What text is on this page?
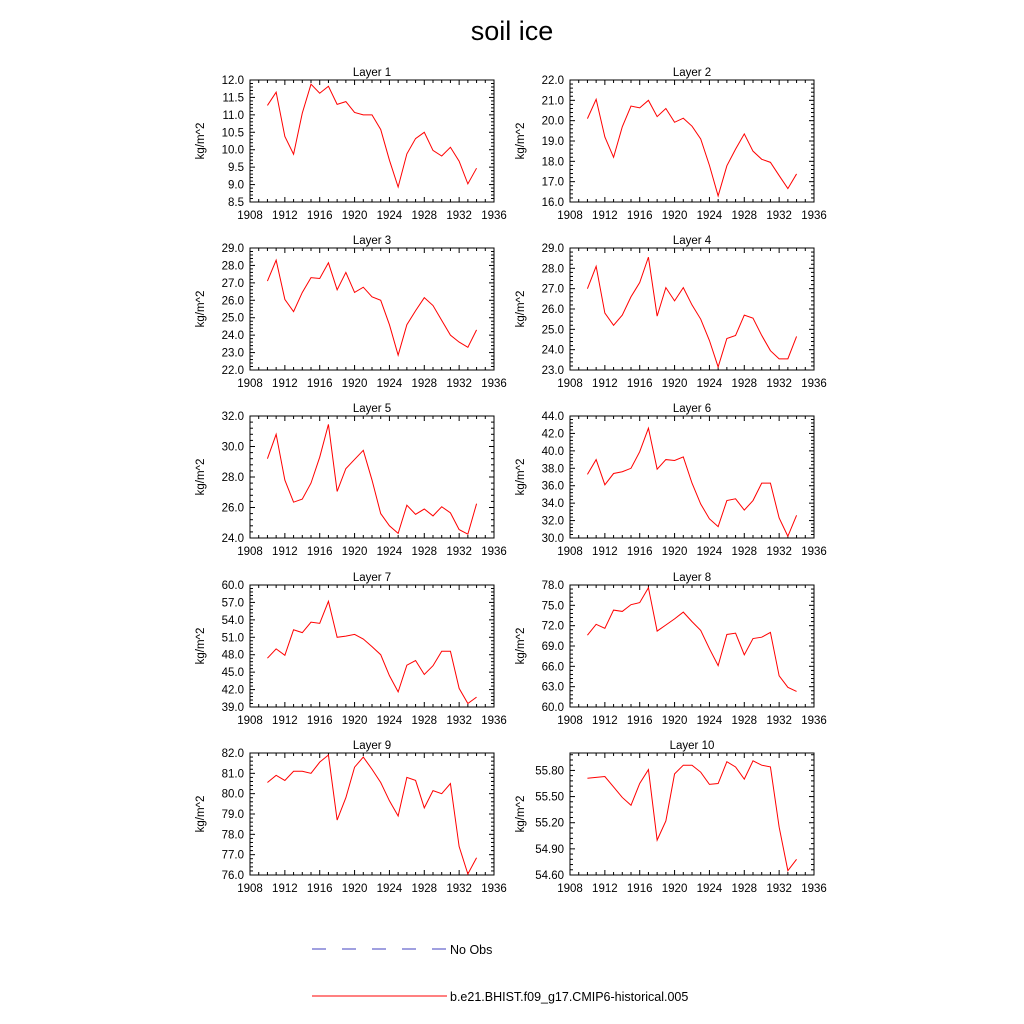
soil ice
Layer 1
kg/m^2
1908 1912 1916 1920 1924 1928 1932 1936
8.5
9.0
9.5
10.0
10.5
11.0
11.5
12.0
Layer 2
kg/m^2
1908 1912 1916 1920 1924 1928 1932 1936
16.0
17.0
18.0
19.0
20.0
21.0
22.0
Layer 3
kg/m^2
1908 1912 1916 1920 1924 1928 1932 1936
22.0
23.0
24.0
25.0
26.0
27.0
28.0
29.0
Layer 4
kg/m^2
1908 1912 1916 1920 1924 1928 1932 1936
23.0
24.0
25.0
26.0
27.0
28.0
29.0
Layer 5
kg/m^2
1908 1912 1916 1920 1924 1928 1932 1936
24.0
26.0
28.0
30.0
32.0
Layer 6
kg/m^2
1908 1912 1916 1920 1924 1928 1932 1936
30.0
32.0
34.0
36.0
38.0
40.0
42.0
44.0
Layer 7
kg/m^2
1908 1912 1916 1920 1924 1928 1932 1936
39.0
42.0
45.0
48.0
51.0
54.0
57.0
60.0
Layer 8
kg/m^2
1908 1912 1916 1920 1924 1928 1932 1936
60.0
63.0
66.0
69.0
72.0
75.0
78.0
Layer 9
kg/m^2
1908 1912 1916 1920 1924 1928 1932 1936
76.0
77.0
78.0
79.0
80.0
81.0
82.0
Layer 10
kg/m^2
1908 1912 1916 1920 1924 1928 1932 1936
54.60
54.90
55.20
55.50
55.80
No Obs
b.e21.BHIST.f09_g17.CMIP6-historical.005
